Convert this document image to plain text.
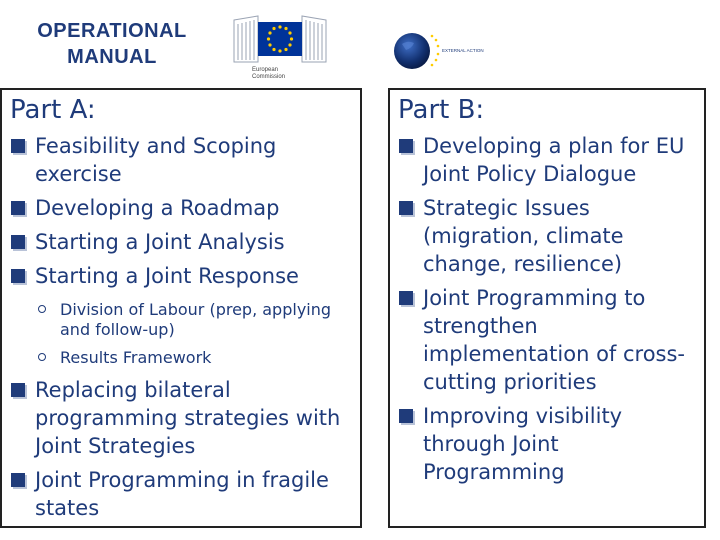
OPERATIONAL
MANUAL
European
Commission
EXTERNAL ACTION
Part A:
Feasibility and Scoping exercise
Developing a Roadmap
Starting a Joint Analysis
Starting a Joint Response
Division of Labour (prep, applying and follow-up)
Results Framework
Replacing bilateral programming strategies with Joint Strategies
Joint Programming in fragile states
Part B:
Developing a plan for EU Joint Policy Dialogue
Strategic Issues (migration, climate change, resilience)
Joint Programming to strengthen implementation of cross-cutting priorities
Improving visibility through Joint Programming
